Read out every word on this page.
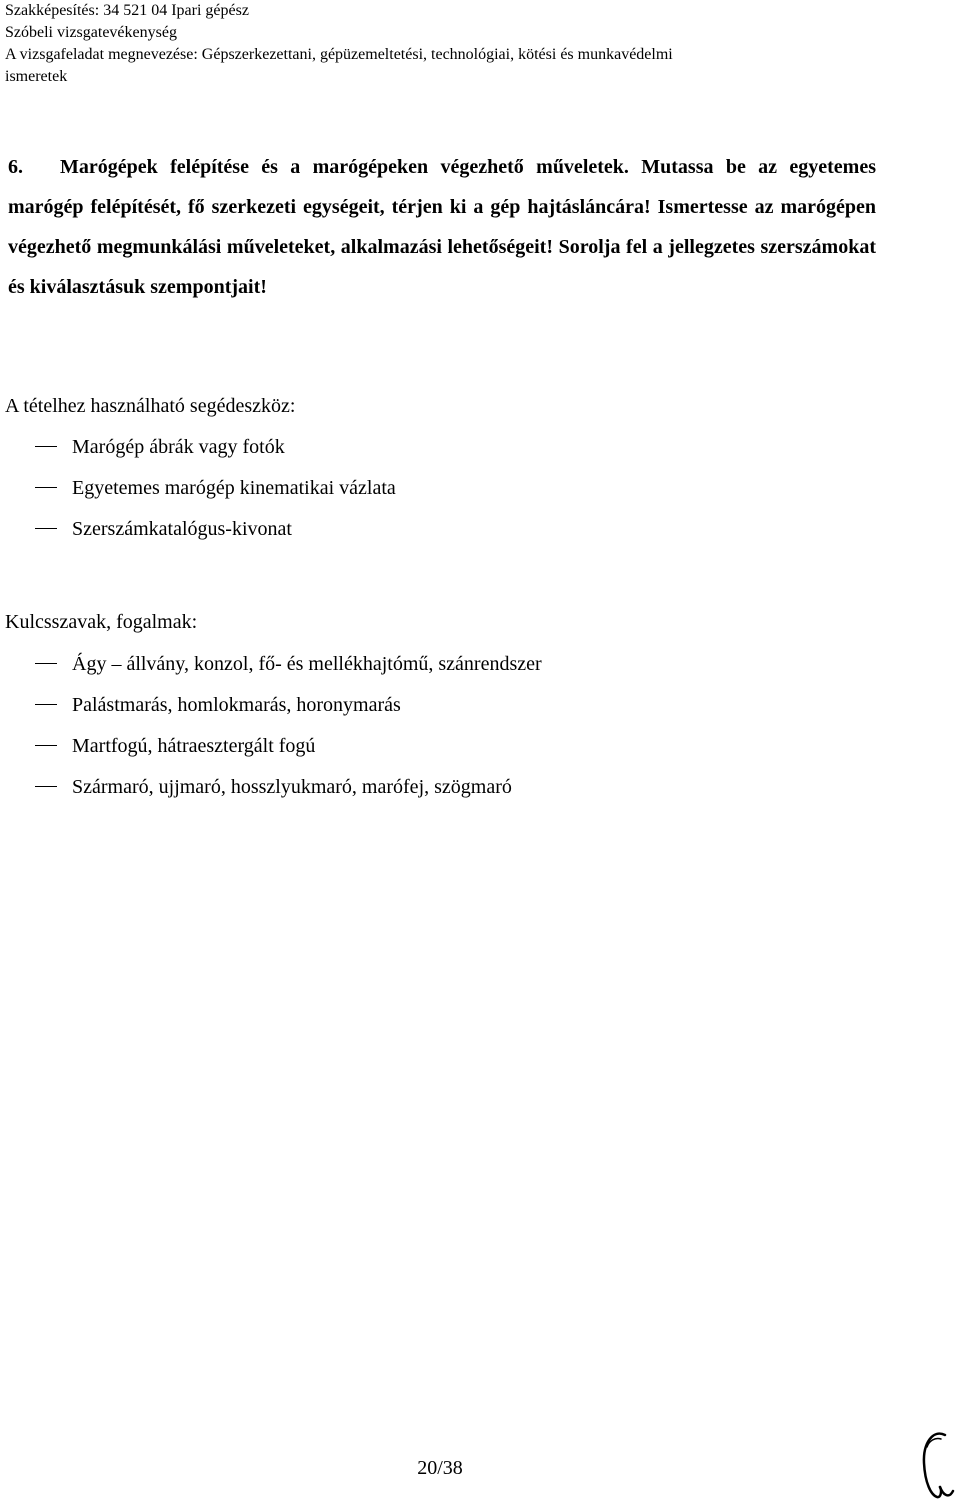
Szakképesítés: 34 521 04 Ipari gépész
Szóbeli vizsgatevékenység
A vizsgafeladat megnevezése: Gépszerkezettani, gépüzemeltetési, technológiai, kötési és munkavédelmi
ismeretek
6. Marógépek felépítése és a marógépeken végezhető műveletek. Mutassa be az egyetemes marógép felépítését, fő szerkezeti egységeit, térjen ki a gép hajtásláncára! Ismertesse az marógépen végezhető megmunkálási műveleteket, alkalmazási lehetőségeit! Sorolja fel a jellegzetes szerszámokat és kiválasztásuk szempontjait!
A tételhez használható segédeszköz:
Marógép ábrák vagy fotók
Egyetemes marógép kinematikai vázlata
Szerszámkatalógus-kivonat
Kulcsszavak, fogalmak:
Ágy – állvány, konzol, fő- és mellékhajtómű, szánrendszer
Palástmarás, homlokmarás, horonymarás
Martfogú, hátraesztergált fogú
Szármaró, ujjmaró, hosszlyukmaró, marófej, szögmaró
20/38
